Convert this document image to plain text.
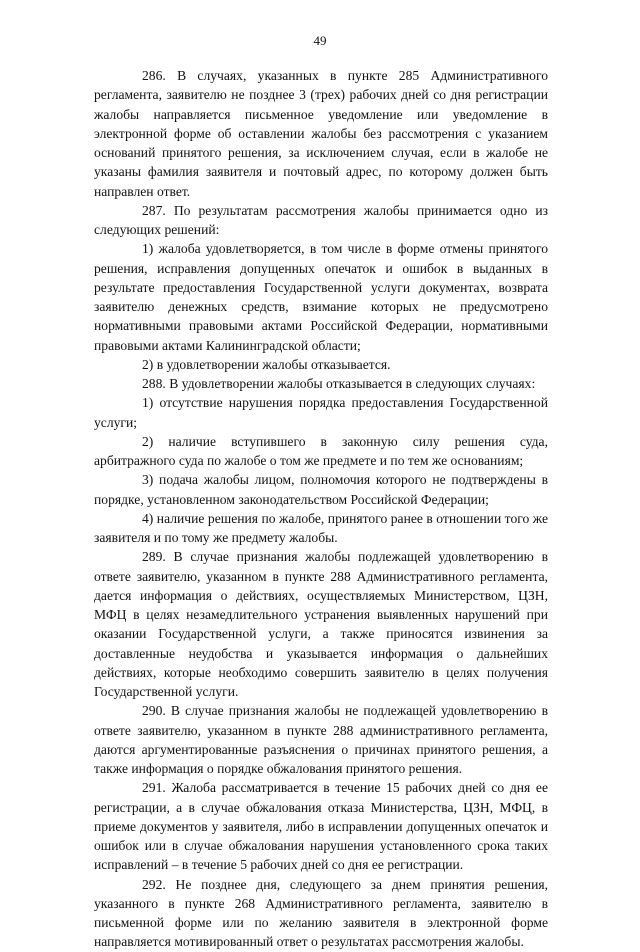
49

286. В случаях, указанных в пункте 285 Административного регламента, заявителю не позднее 3 (трех) рабочих дней со дня регистрации жалобы направляется письменное уведомление или уведомление в электронной форме об оставлении жалобы без рассмотрения с указанием оснований принятого решения, за исключением случая, если в жалобе не указаны фамилия заявителя и почтовый адрес, по которому должен быть направлен ответ.

287. По результатам рассмотрения жалобы принимается одно из следующих решений:

1) жалоба удовлетворяется, в том числе в форме отмены принятого решения, исправления допущенных опечаток и ошибок в выданных в результате предоставления Государственной услуги документах, возврата заявителю денежных средств, взимание которых не предусмотрено нормативными правовыми актами Российской Федерации, нормативными правовыми актами Калининградской области;

2) в удовлетворении жалобы отказывается.

288. В удовлетворении жалобы отказывается в следующих случаях:

1) отсутствие нарушения порядка предоставления Государственной услуги;

2) наличие вступившего в законную силу решения суда, арбитражного суда по жалобе о том же предмете и по тем же основаниям;

3) подача жалобы лицом, полномочия которого не подтверждены в порядке, установленном законодательством Российской Федерации;

4) наличие решения по жалобе, принятого ранее в отношении того же заявителя и по тому же предмету жалобы.

289. В случае признания жалобы подлежащей удовлетворению в ответе заявителю, указанном в пункте 288 Административного регламента, дается информация о действиях, осуществляемых Министерством, ЦЗН, МФЦ в целях незамедлительного устранения выявленных нарушений при оказании Государственной услуги, а также приносятся извинения за доставленные неудобства и указывается информация о дальнейших действиях, которые необходимо совершить заявителю в целях получения Государственной услуги.

290. В случае признания жалобы не подлежащей удовлетворению в ответе заявителю, указанном в пункте 288 административного регламента, даются аргументированные разъяснения о причинах принятого решения, а также информация о порядке обжалования принятого решения.

291. Жалоба рассматривается в течение 15 рабочих дней со дня ее регистрации, а в случае обжалования отказа Министерства, ЦЗН, МФЦ, в приеме документов у заявителя, либо в исправлении допущенных опечаток и ошибок или в случае обжалования нарушения установленного срока таких исправлений – в течение 5 рабочих дней со дня ее регистрации.

292. Не позднее дня, следующего за днем принятия решения, указанного в пункте 268 Административного регламента, заявителю в письменной форме или по желанию заявителя в электронной форме направляется мотивированный ответ о результатах рассмотрения жалобы.
